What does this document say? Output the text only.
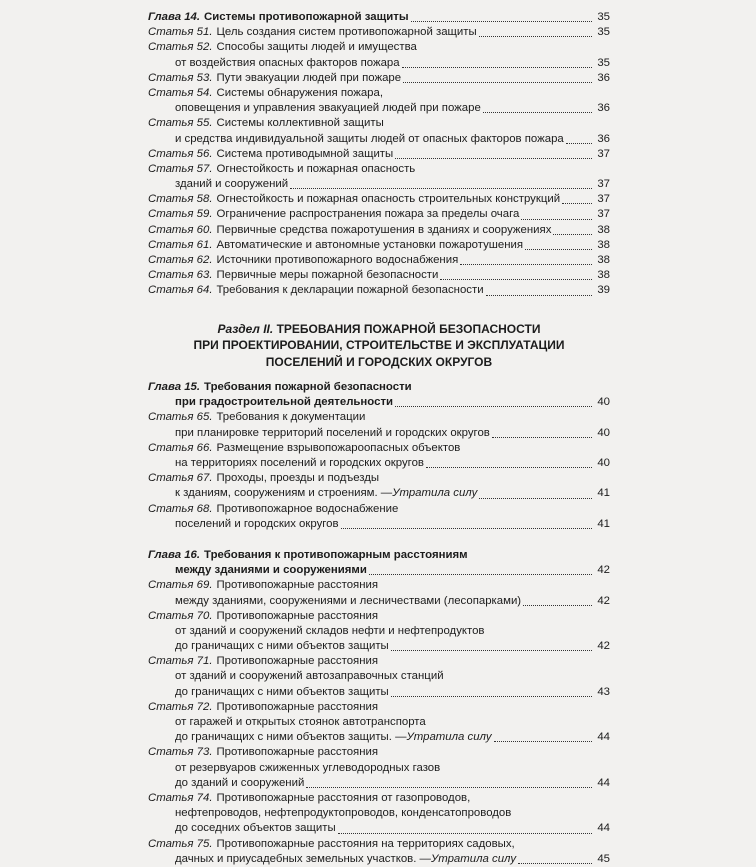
Глава 14. Системы противопожарной защиты	35
Статья 51. Цель создания систем противопожарной защиты	35
Статья 52. Способы защиты людей и имущества
от воздействия опасных факторов пожара	35
Статья 53. Пути эвакуации людей при пожаре	36
Статья 54. Системы обнаружения пожара,
оповещения и управления эвакуацией людей при пожаре	36
Статья 55. Системы коллективной защиты
и средства индивидуальной защиты людей от опасных факторов пожара	36
Статья 56. Система противодымной защиты	37
Статья 57. Огнестойкость и пожарная опасность
зданий и сооружений	37
Статья 58. Огнестойкость и пожарная опасность строительных конструкций	37
Статья 59. Ограничение распространения пожара за пределы очага	37
Статья 60. Первичные средства пожаротушения в зданиях и сооружениях	38
Статья 61. Автоматические и автономные установки пожаротушения	38
Статья 62. Источники противопожарного водоснабжения	38
Статья 63. Первичные меры пожарной безопасности	38
Статья 64. Требования к декларации пожарной безопасности	39
Раздел II. ТРЕБОВАНИЯ ПОЖАРНОЙ БЕЗОПАСНОСТИ
ПРИ ПРОЕКТИРОВАНИИ, СТРОИТЕЛЬСТВЕ И ЭКСПЛУАТАЦИИ
ПОСЕЛЕНИЙ И ГОРОДСКИХ ОКРУГОВ
Глава 15. Требования пожарной безопасности
при градостроительной деятельности	40
Статья 65. Требования к документации
при планировке территорий поселений и городских округов	40
Статья 66. Размещение взрывопожароопасных объектов
на территориях поселений и городских округов	40
Статья 67. Проходы, проезды и подъезды
к зданиям, сооружениям и строениям. — Утратила силу	41
Статья 68. Противопожарное водоснабжение
поселений и городских округов	41
Глава 16. Требования к противопожарным расстояниям
между зданиями и сооружениями	42
Статья 69. Противопожарные расстояния
между зданиями, сооружениями и лесничествами (лесопарками)	42
Статья 70. Противопожарные расстояния
от зданий и сооружений складов нефти и нефтепродуктов
до граничащих с ними объектов защиты	42
Статья 71. Противопожарные расстояния
от зданий и сооружений автозаправочных станций
до граничащих с ними объектов защиты	43
Статья 72. Противопожарные расстояния
от гаражей и открытых стоянок автотранспорта
до граничащих с ними объектов защиты. — Утратила силу	44
Статья 73. Противопожарные расстояния
от резервуаров сжиженных углеводородных газов
до зданий и сооружений	44
Статья 74. Противопожарные расстояния от газопроводов,
нефтепроводов, нефтепродуктопроводов, конденсатопроводов
до соседних объектов защиты	44
Статья 75. Противопожарные расстояния на территориях садовых,
дачных и приусадебных земельных участков. — Утратила силу	45
